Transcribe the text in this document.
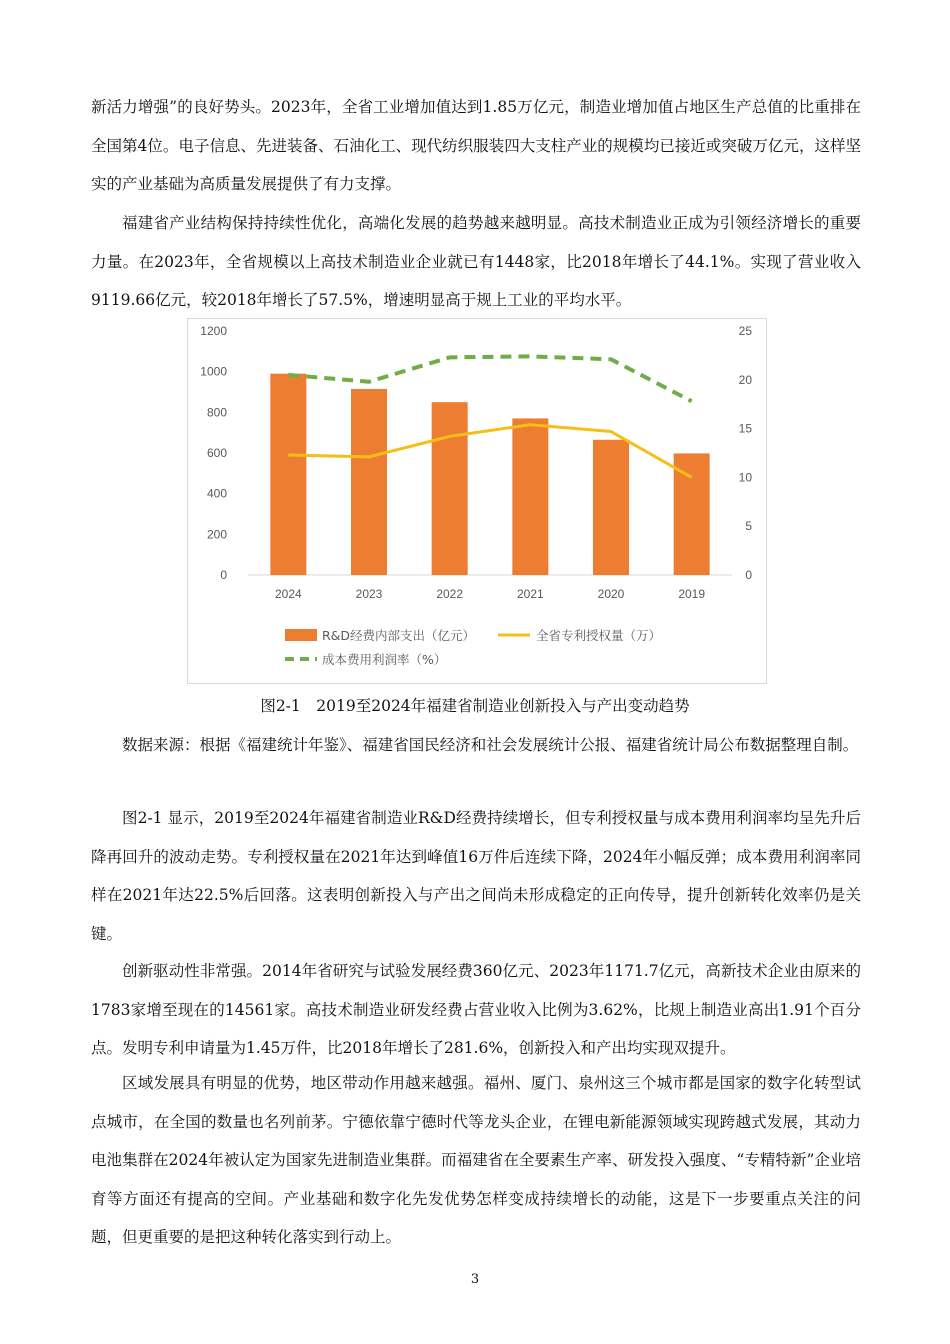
新活力增强”的良好势头。2023年，全省工业增加值达到1.85万亿元，制造业增加值占地区生产总值的比重排在全国第4位。电子信息、先进装备、石油化工、现代纺织服装四大支柱产业的规模均已接近或突破万亿元，这样坚实的产业基础为高质量发展提供了有力支撑。

福建省产业结构保持持续性优化，高端化发展的趋势越来越明显。高技术制造业正成为引领经济增长的重要力量。在2023年，全省规模以上高技术制造业企业就已有1448家，比2018年增长了44.1%。实现了营业收入9119.66亿元，较2018年增长了57.5%，增速明显高于规上工业的平均水平。

0
200
400
600
800
1000
1200
0
5
10
15
20
25
2024	2023	2022	2021	2020	2019
R&D经费内部支出（亿元）	全省专利授权量（万）
成本费用利润率（%）
图2-1　2019至2024年福建省制造业创新投入与产出变动趋势

数据来源：根据《福建统计年鉴》、福建省国民经济和社会发展统计公报、福建省统计局公布数据整理自制。

图2-1 显示，2019至2024年福建省制造业R&D经费持续增长，但专利授权量与成本费用利润率均呈先升后降再回升的波动走势。专利授权量在2021年达到峰值16万件后连续下降，2024年小幅反弹；成本费用利润率同样在2021年达22.5%后回落。这表明创新投入与产出之间尚未形成稳定的正向传导，提升创新转化效率仍是关键。

创新驱动性非常强。2014年省研究与试验发展经费360亿元、2023年1171.7亿元，高新技术企业由原来的1783家增至现在的14561家。高技术制造业研发经费占营业收入比例为3.62%，比规上制造业高出1.91个百分点。发明专利申请量为1.45万件，比2018年增长了281.6%，创新投入和产出均实现双提升。

区域发展具有明显的优势，地区带动作用越来越强。福州、厦门、泉州这三个城市都是国家的数字化转型试点城市，在全国的数量也名列前茅。宁德依靠宁德时代等龙头企业，在锂电新能源领域实现跨越式发展，其动力电池集群在2024年被认定为国家先进制造业集群。而福建省在全要素生产率、研发投入强度、“专精特新”企业培育等方面还有提高的空间。产业基础和数字化先发优势怎样变成持续增长的动能，这是下一步要重点关注的问题，但更重要的是把这种转化落实到行动上。

3
